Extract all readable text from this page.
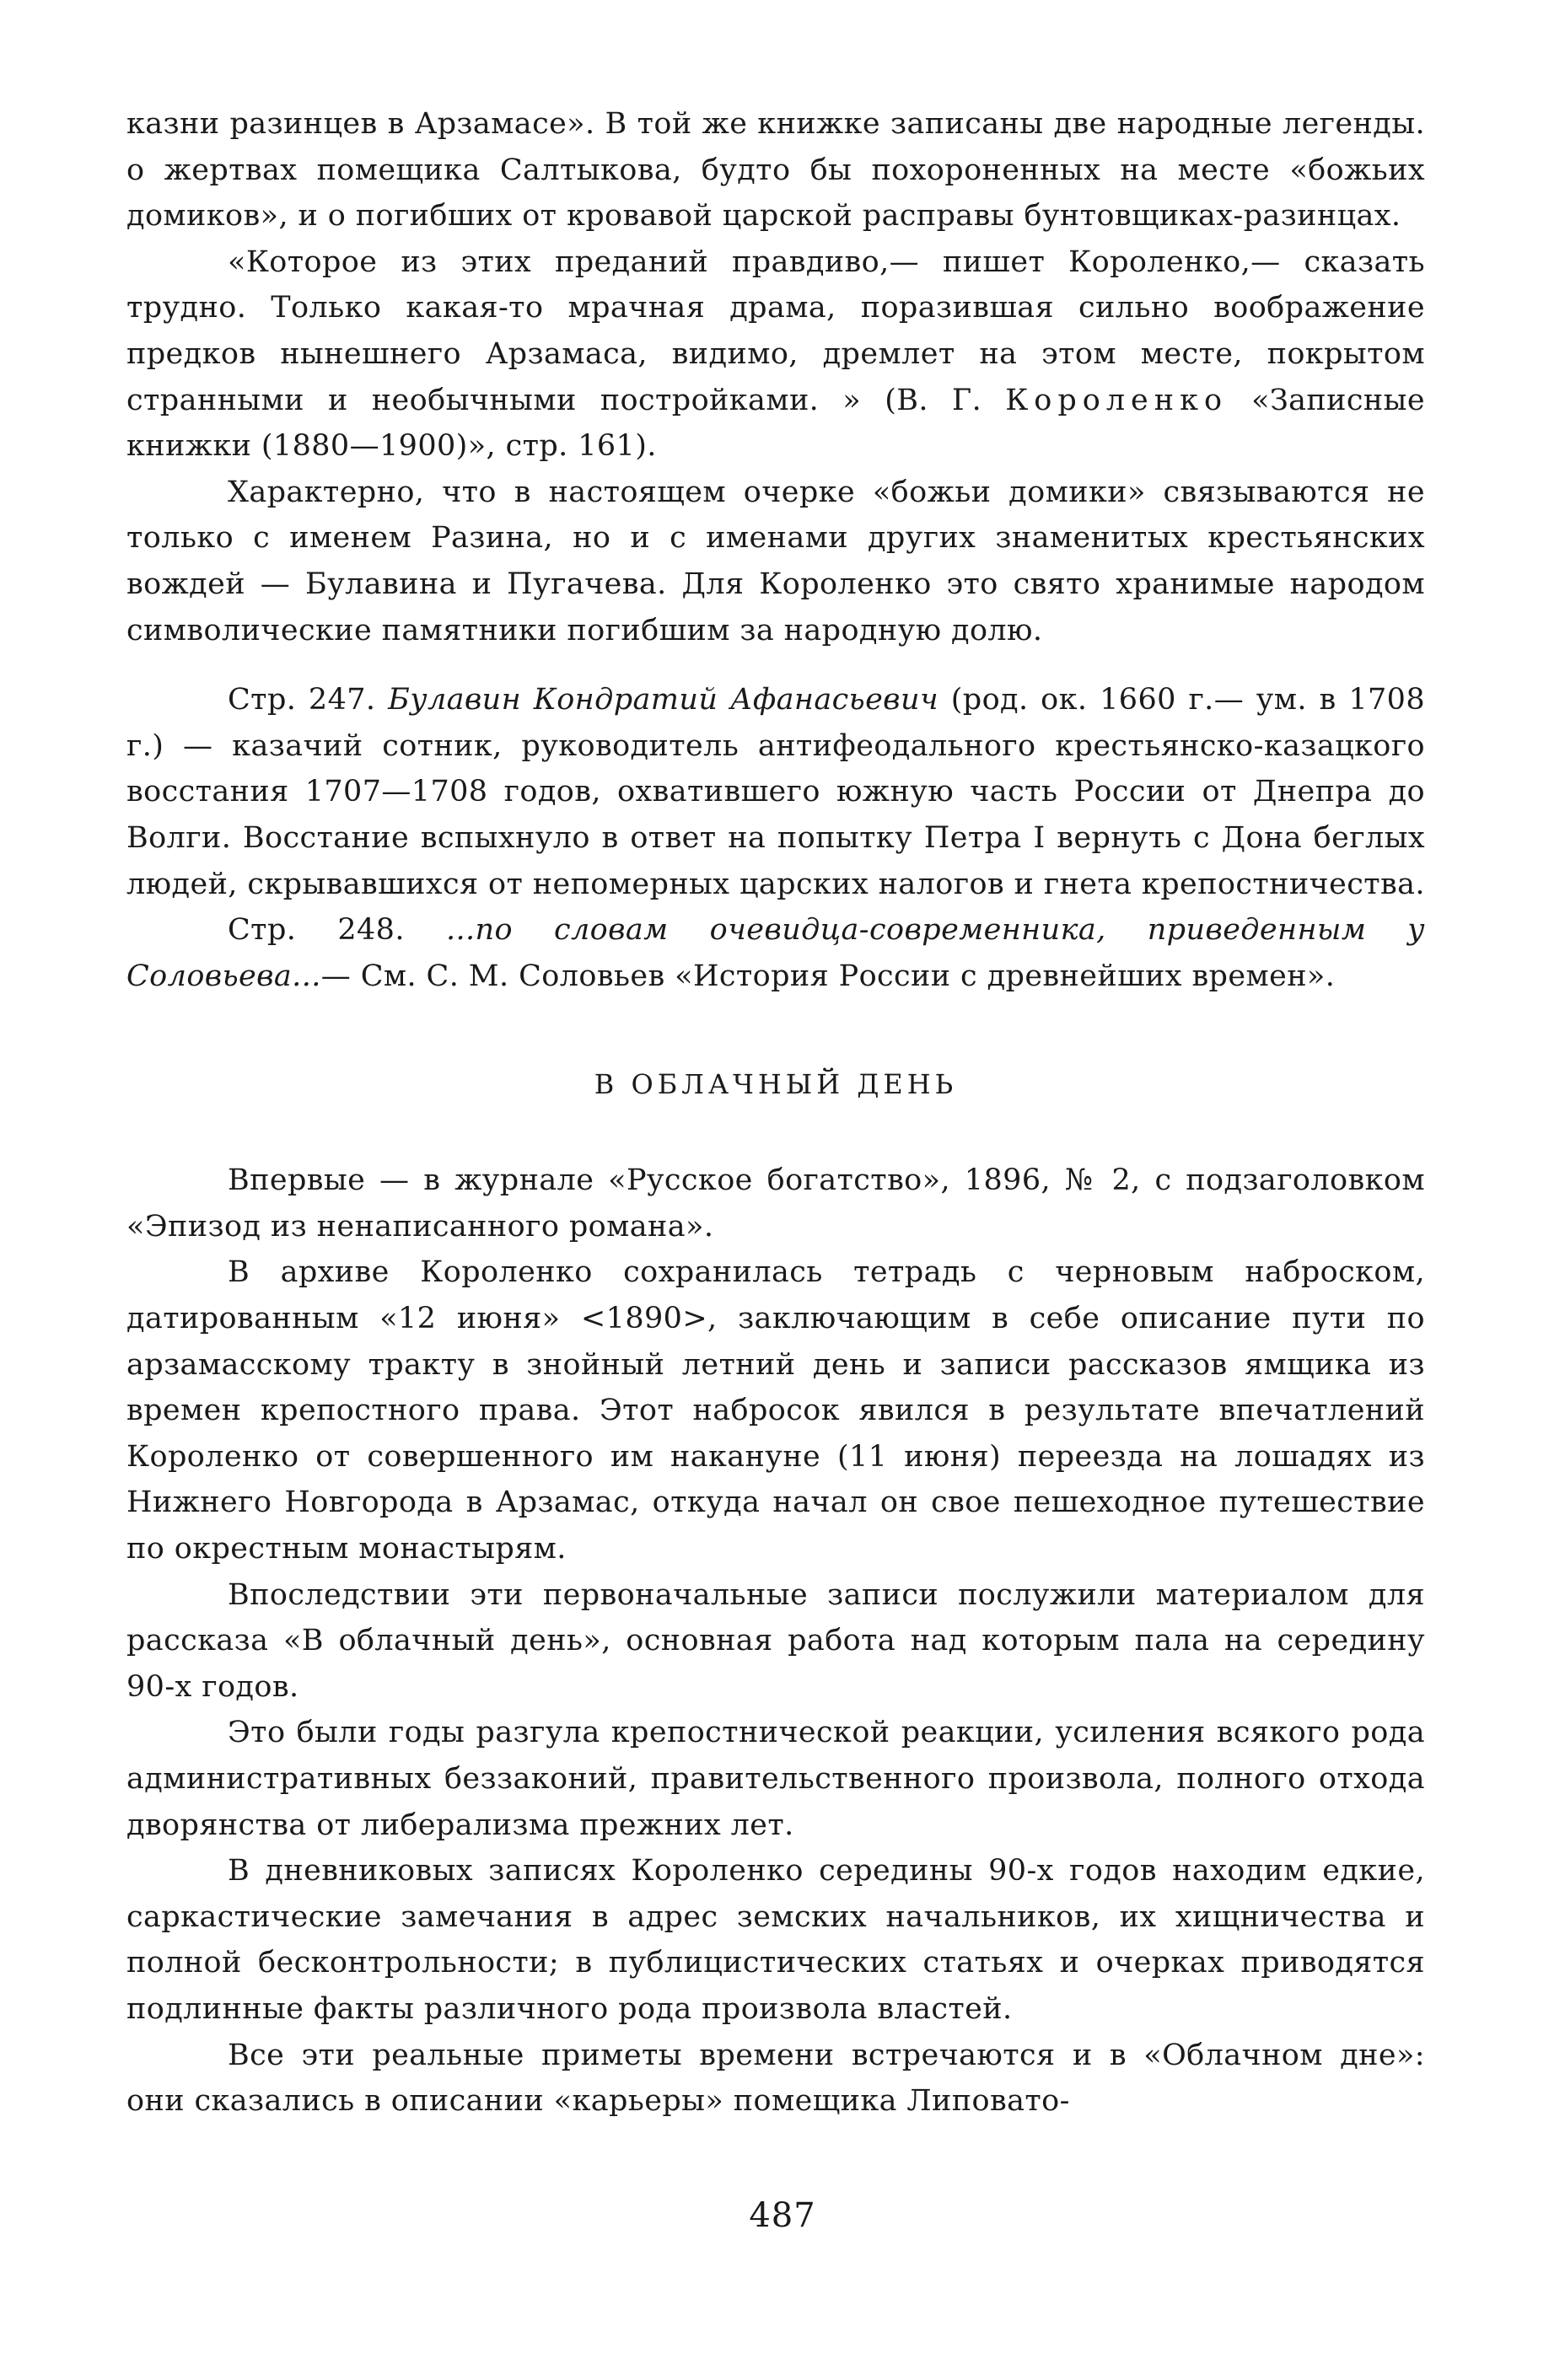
казни разинцев в Арзамасе». В той же книжке записаны две народные легенды. о жертвах помещика Салтыкова, будто бы похороненных на месте «божьих домиков», и о погибших от кровавой царской расправы бунтовщиках-разинцах.

«Которое из этих преданий правдиво,— пишет Короленко,— сказать трудно. Только какая-то мрачная драма, поразившая сильно воображение предков нынешнего Арзамаса, видимо, дремлет на этом месте, покрытом странными и необычными постройками. » (В. Г. Короленко «Записные книжки (1880—1900)», стр. 161).

Характерно, что в настоящем очерке «божьи домики» связываются не только с именем Разина, но и с именами других знаменитых крестьянских вождей — Булавина и Пугачева. Для Короленко это свято хранимые народом символические памятники погибшим за народную долю.

Стр. 247. Булавин Кондратий Афанасьевич (род. ок. 1660 г.— ум. в 1708 г.) — казачий сотник, руководитель антифеодального крестьянско-казацкого восстания 1707—1708 годов, охватившего южную часть России от Днепра до Волги. Восстание вспыхнуло в ответ на попытку Петра I вернуть с Дона беглых людей, скрывавшихся от непомерных царских налогов и гнета крепостничества.

Стр. 248. ...по словам очевидца-современника, приведенным у Соловьева...— См. С. М. Соловьев «История России с древнейших времен».

В ОБЛАЧНЫЙ ДЕНЬ

Впервые — в журнале «Русское богатство», 1896, № 2, с подзаголовком «Эпизод из ненаписанного романа».

В архиве Короленко сохранилась тетрадь с черновым наброском, датированным «12 июня» <1890>, заключающим в себе описание пути по арзамасскому тракту в знойный летний день и записи рассказов ямщика из времен крепостного права. Этот набросок явился в результате впечатлений Короленко от совершенного им накануне (11 июня) переезда на лошадях из Нижнего Новгорода в Арзамас, откуда начал он свое пешеходное путешествие по окрестным монастырям.

Впоследствии эти первоначальные записи послужили материалом для рассказа «В облачный день», основная работа над которым пала на середину 90-х годов.

Это были годы разгула крепостнической реакции, усиления всякого рода административных беззаконий, правительственного произвола, полного отхода дворянства от либерализма прежних лет.

В дневниковых записях Короленко середины 90-х годов находим едкие, саркастические замечания в адрес земских начальников, их хищничества и полной бесконтрольности; в публицистических статьях и очерках приводятся подлинные факты различного рода произвола властей.

Все эти реальные приметы времени встречаются и в «Облачном дне»: они сказались в описании «карьеры» помещика Липовато-

487
